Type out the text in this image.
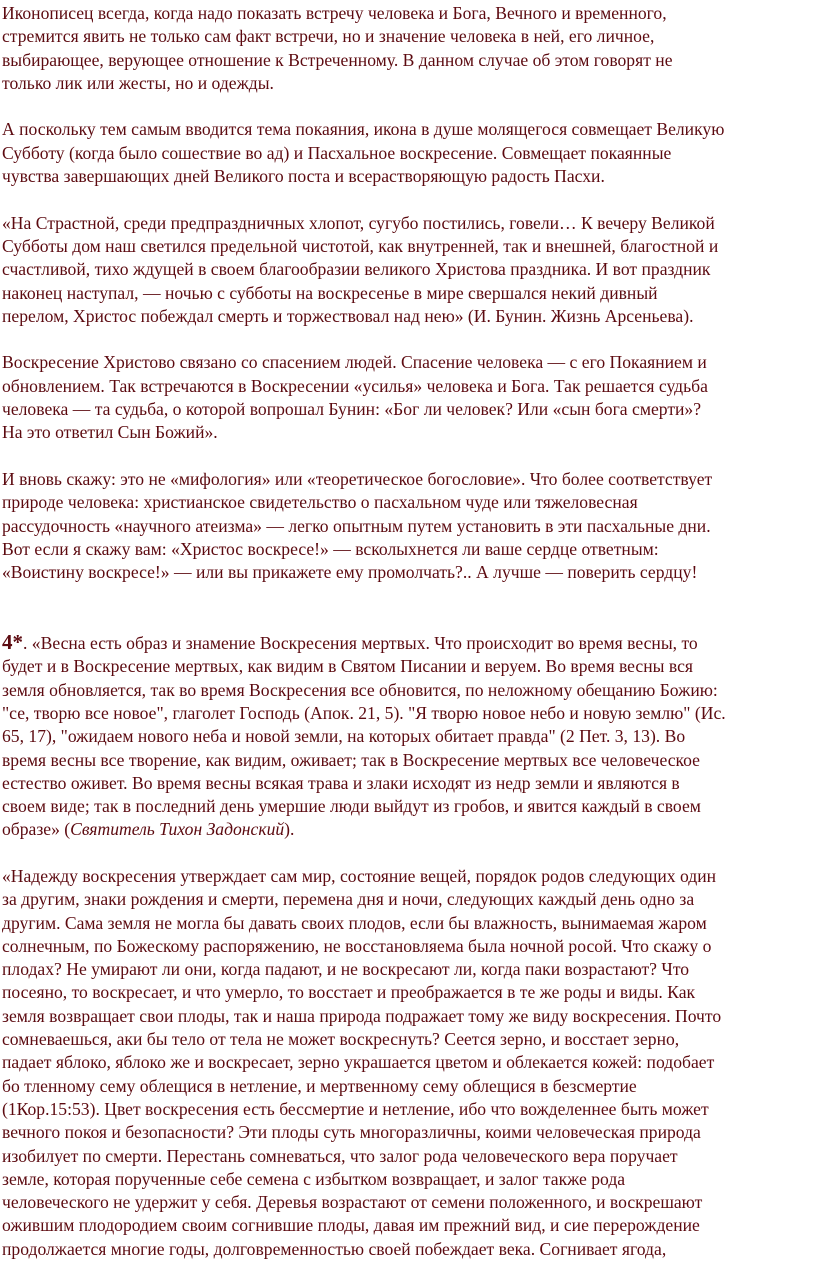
Иконописец всегда, когда надо показать встречу человека и Бога, Вечного и временного,
стремится явить не только сам факт встречи, но и значение человека в ней, его личное,
выбирающее, верующее отношение к Встреченному. В данном случае об этом говорят не
только лик или жесты, но и одежды.

А поскольку тем самым вводится тема покаяния, икона в душе молящегося совмещает Великую
Субботу (когда было сошествие во ад) и Пасхальное воскресение. Совмещает покаянные
чувства завершающих дней Великого поста и всерастворяющую радость Пасхи.

«На Страстной, среди предпраздничных хлопот, сугубо постились, говели… К вечеру Великой
Субботы дом наш светился предельной чистотой, как внутренней, так и внешней, благостной и
счастливой, тихо ждущей в своем благообразии великого Христова праздника. И вот праздник
наконец наступал, — ночью с субботы на воскресенье в мире свершался некий дивный
перелом, Христос побеждал смерть и торжествовал над нею» (И. Бунин. Жизнь Арсеньева).

Воскресение Христово связано со спасением людей. Спасение человека — с его Покаянием и
обновлением. Так встречаются в Воскресении «усилья» человека и Бога. Так решается судьба
человека — та судьба, о которой вопрошал Бунин: «Бог ли человек? Или «сын бога смерти»?
На это ответил Сын Божий».

И вновь скажу: это не «мифология» или «теоретическое богословие». Что более соответствует
природе человека: христианское свидетельство о пасхальном чуде или тяжеловесная
рассудочность «научного атеизма» — легко опытным путем установить в эти пасхальные дни.
Вот если я скажу вам: «Христос воскресе!» — всколыхнется ли ваше сердце ответным:
«Воистину воскресе!» — или вы прикажете ему промолчать?.. А лучше — поверить сердцу!

4*. «Весна есть образ и знамение Воскресения мертвых. Что происходит во время весны, то
будет и в Воскресение мертвых, как видим в Святом Писании и веруем. Во время весны вся
земля обновляется, так во время Воскресения все обновится, по неложному обещанию Божию:
"се, творю все новое", глаголет Господь (Апок. 21, 5). "Я творю новое небо и новую землю" (Ис.
65, 17), "ожидаем нового неба и новой земли, на которых обитает правда" (2 Пет. 3, 13). Во
время весны все творение, как видим, оживает; так в Воскресение мертвых все человеческое
естество оживет. Во время весны всякая трава и злаки исходят из недр земли и являются в
своем виде; так в последний день умершие люди выйдут из гробов, и явится каждый в своем
образе» (Святитель Тихон Задонский).

«Надежду воскресения утверждает сам мир, состояние вещей, порядок родов следующих один
за другим, знаки рождения и смерти, перемена дня и ночи, следующих каждый день одно за
другим. Сама земля не могла бы давать своих плодов, если бы влажность, вынимаемая жаром
солнечным, по Божескому распоряжению, не восстановляема была ночной росой. Что скажу о
плодах? Не умирают ли они, когда падают, и не воскресают ли, когда паки возрастают? Что
посеяно, то воскресает, и что умерло, то восстает и преображается в те же роды и виды. Как
земля возвращает свои плоды, так и наша природа подражает тому же виду воскресения. Почто
сомневаешься, аки бы тело от тела не может воскреснуть? Сеется зерно, и восстает зерно,
падает яблоко, яблоко же и воскресает, зерно украшается цветом и облекается кожей: подобает
бо тленному сему облещися в нетление, и мертвенному сему облещися в безсмертие
(1Кор.15:53). Цвет воскресения есть бессмертие и нетление, ибо что вожделеннее быть может
вечного покоя и безопасности? Эти плоды суть многоразличны, коими человеческая природа
изобилует по смерти. Перестань сомневаться, что залог рода человеческого вера поручает
земле, которая порученные себе семена с избытком возвращает, и залог также рода
человеческого не удержит у себя. Деревья возрастают от семени положенного, и воскрешают
ожившим плодородием своим согнившие плоды, давая им прежний вид, и сие перерождение
продолжается многие годы, долговременностью своей побеждает века. Согнивает ягода,
